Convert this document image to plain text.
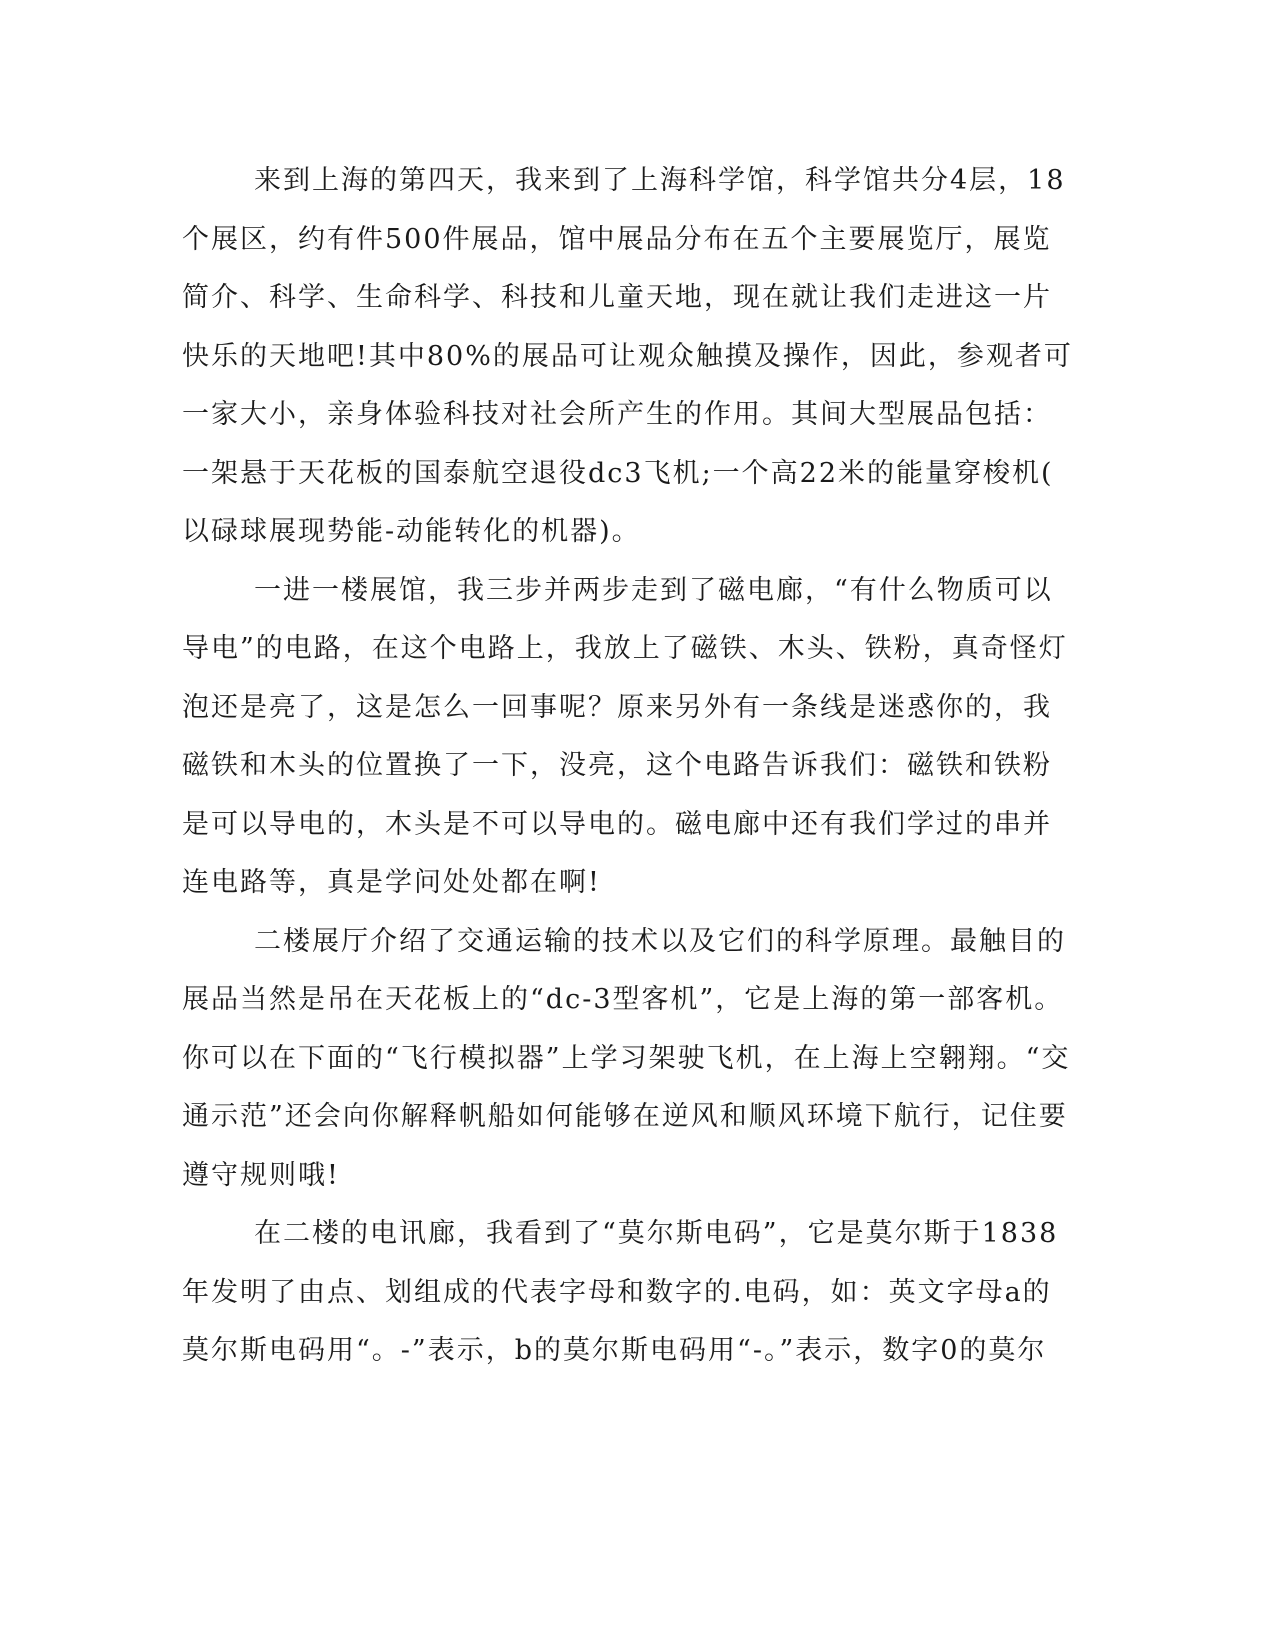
来到上海的第四天，我来到了上海科学馆，科学馆共分4层，18
个展区，约有件500件展品，馆中展品分布在五个主要展览厅，展览
简介、科学、生命科学、科技和儿童天地，现在就让我们走进这一片
快乐的天地吧!其中80%的展品可让观众触摸及操作，因此，参观者可
一家大小，亲身体验科技对社会所产生的作用。其间大型展品包括：
一架悬于天花板的国泰航空退役dc3飞机;一个高22米的能量穿梭机(
以碌球展现势能-动能转化的机器)。
一进一楼展馆，我三步并两步走到了磁电廊，“有什么物质可以
导电”的电路，在这个电路上，我放上了磁铁、木头、铁粉，真奇怪灯
泡还是亮了，这是怎么一回事呢？原来另外有一条线是迷惑你的，我
磁铁和木头的位置换了一下，没亮，这个电路告诉我们：磁铁和铁粉
是可以导电的，木头是不可以导电的。磁电廊中还有我们学过的串并
连电路等，真是学问处处都在啊!
二楼展厅介绍了交通运输的技术以及它们的科学原理。最触目的
展品当然是吊在天花板上的“dc-3型客机”，它是上海的第一部客机。
你可以在下面的“飞行模拟器”上学习架驶飞机，在上海上空翱翔。“交
通示范”还会向你解释帆船如何能够在逆风和顺风环境下航行，记住要
遵守规则哦!
在二楼的电讯廊，我看到了“莫尔斯电码”，它是莫尔斯于1838
年发明了由点、划组成的代表字母和数字的.电码，如：英文字母a的
莫尔斯电码用“。-”表示，b的莫尔斯电码用“-。”表示，数字0的莫尔
